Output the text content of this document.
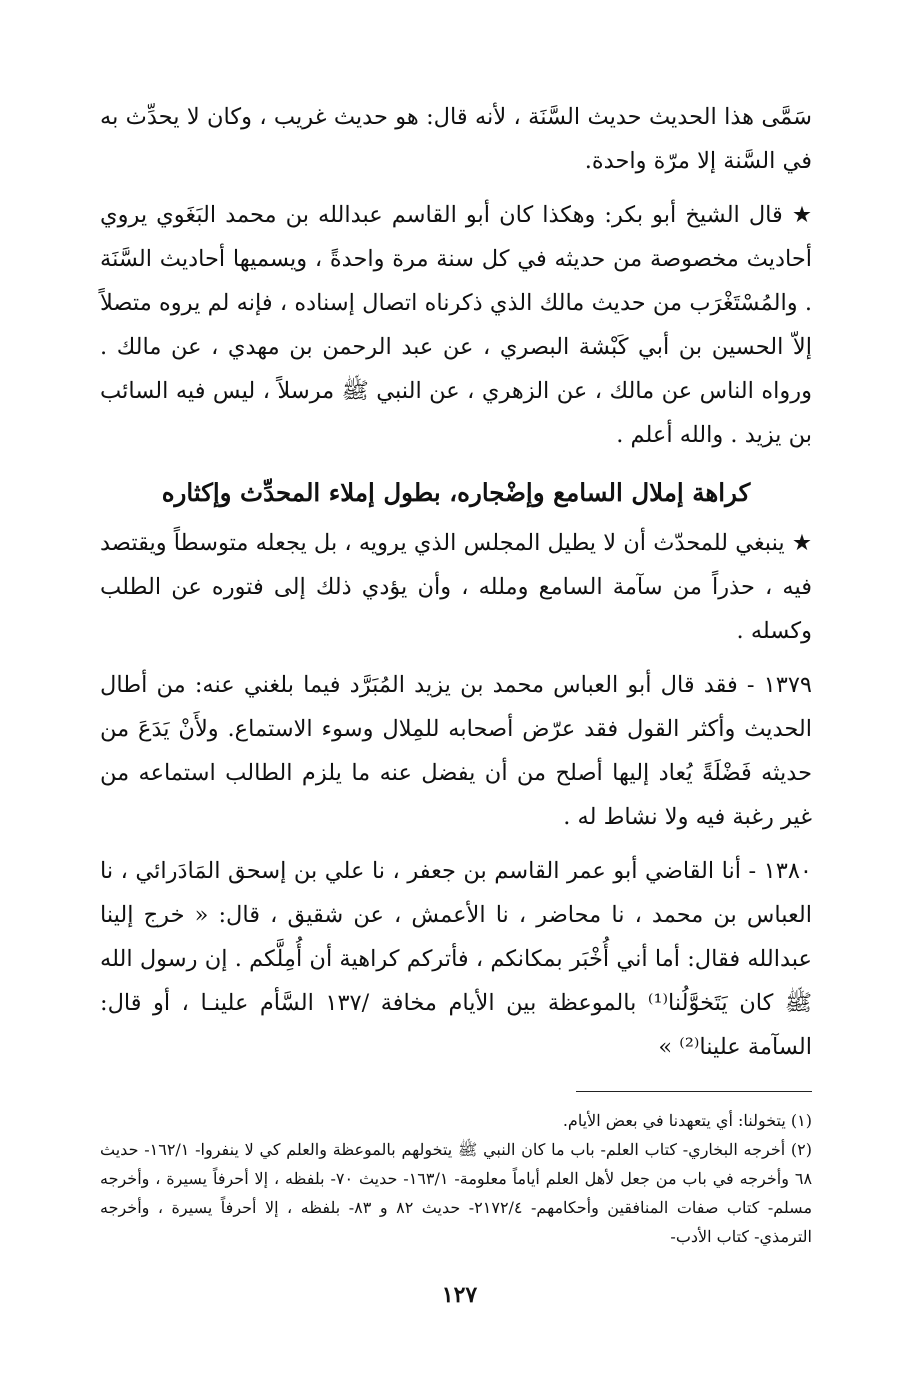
سَمَّى هذا الحديث حديث السَّنَة ، لأنه قال: هو حديث غريب ، وكان لا يحدِّث به في السَّنة إلا مرّة واحدة.

★ قال الشيخ أبو بكر: وهكذا كان أبو القاسم عبدالله بن محمد البَغَوي يروي أحاديث مخصوصة من حديثه في كل سنة مرة واحدةً ، ويسميها أحاديث السَّنَة . والمُسْتَغْرَب من حديث مالك الذي ذكرناه اتصال إسناده ، فإنه لم يروه متصلاً إلاّ الحسين بن أبي كَبْشة البصري ، عن عبد الرحمن بن مهدي ، عن مالك . ورواه الناس عن مالك ، عن الزهري ، عن النبي ﷺ مرسلاً ، ليس فيه السائب بن يزيد . والله أعلم .

كراهة إملال السامع وإضْجاره، بطول إملاء المحدِّث وإكثاره

★ ينبغي للمحدّث أن لا يطيل المجلس الذي يرويه ، بل يجعله متوسطاً ويقتصد فيه ، حذراً من سآمة السامع وملله ، وأن يؤدي ذلك إلى فتوره عن الطلب وكسله .

١٣٧٩ - فقد قال أبو العباس محمد بن يزيد المُبَرَّد فيما بلغني عنه: من أطال الحديث وأكثر القول فقد عرّض أصحابه للمِلال وسوء الاستماع. ولأَنْ يَدَعَ من حديثه فَضْلَةً يُعاد إليها أصلح من أن يفضل عنه ما يلزم الطالب استماعه من غير رغبة فيه ولا نشاط له .

١٣٨٠ - أنا القاضي أبو عمر القاسم بن جعفر ، نا علي بن إسحق المَادَرائي ، نا العباس بن محمد ، نا محاضر ، نا الأعمش ، عن شقيق ، قال: « خرج إلينا عبدالله فقال: أما أني أُخْبَر بمكانكم ، فأتركم كراهية أن أُمِلَّكم . إن رسول الله ﷺ كان يَتَخوَّلُنا⁽¹⁾ بالموعظة بين الأيام مخافة /١٣٧ السَّأم علينـا ، أو قال: السآمة علينا⁽²⁾ »

(١) يتخولنا: أي يتعهدنا في بعض الأيام.

(٢) أخرجه البخاري- كتاب العلم- باب ما كان النبي ﷺ يتخولهم بالموعظة والعلم كي لا ينفروا- ١٦٢/١- حديث ٦٨ وأخرجه في باب من جعل لأهل العلم أياماً معلومة- ١٦٣/١- حديث ٧٠- بلفظه ، إلا أحرفاً يسيرة ، وأخرجه مسلم- كتاب صفات المنافقين وأحكامهم- ٢١٧٢/٤- حديث ٨٢ و ٨٣- بلفظه ، إلا أحرفاً يسيرة ، وأخرجه الترمذي- كتاب الأدب-

١٢٧
